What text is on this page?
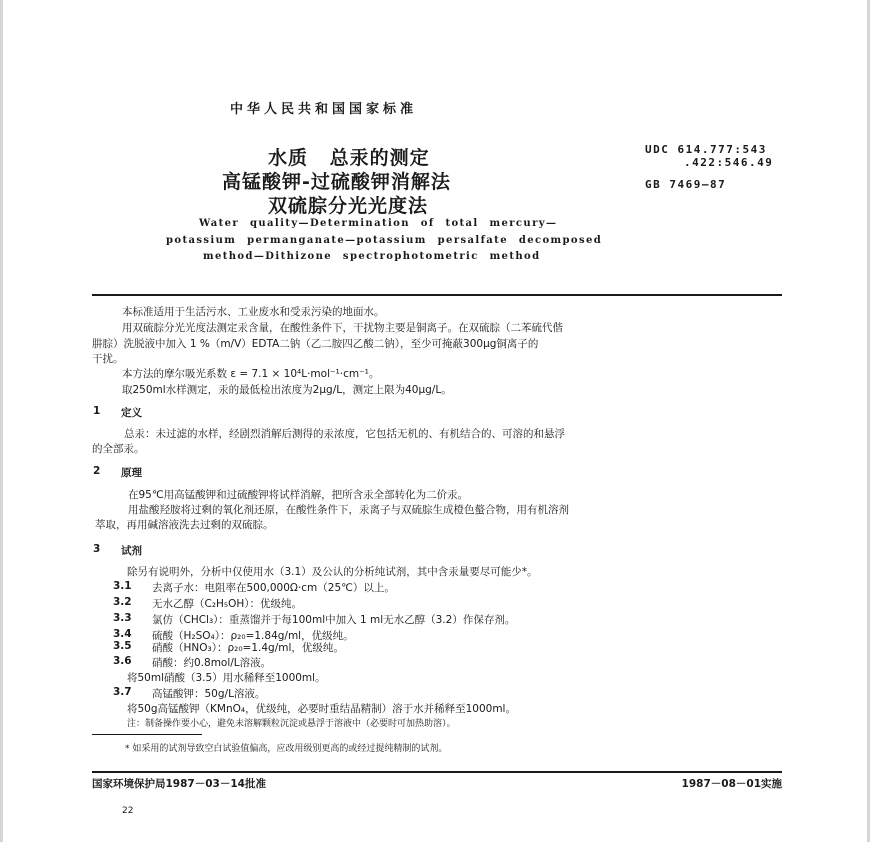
中华人民共和国国家标准
水质 总汞的测定
高锰酸钾-过硫酸钾消解法
双硫腙分光光度法
UDC 614.777:543
.422:546.49
GB 7469—87
Water quality—Determination of total mercury—
potassium permanganate—potassium persalfate decomposed
method—Dithizone spectrophotometric method
本标准适用于生活污水、工业废水和受汞污染的地面水。
用双硫腙分光光度法测定汞含量，在酸性条件下，干扰物主要是铜离子。在双硫腙（二苯硫代偕
肼腙）洗脱液中加入 1 %（m/V）EDTA二钠（乙二胺四乙酸二钠），至少可掩蔽300μg铜离子的
干扰。
本方法的摩尔吸光系数 ε = 7.1 × 10⁴L·mol⁻¹·cm⁻¹。
取250ml水样测定，汞的最低检出浓度为2μg/L，测定上限为40μg/L。
1 定义
总汞：未过滤的水样，经剧烈消解后测得的汞浓度，它包括无机的、有机结合的、可溶的和悬浮
的全部汞。
2 原理
在95℃用高锰酸钾和过硫酸钾将试样消解，把所含汞全部转化为二价汞。
用盐酸羟胺将过剩的氧化剂还原，在酸性条件下，汞离子与双硫腙生成橙色螯合物，用有机溶剂
萃取，再用碱溶液洗去过剩的双硫腙。
3 试剂
除另有说明外，分析中仅使用水（3.1）及公认的分析纯试剂，其中含汞量要尽可能少*。
3.1 去离子水：电阻率在500,000Ω·cm（25℃）以上。
3.2 无水乙醇（C₂H₅OH）：优级纯。
3.3 氯仿（CHCl₃）：重蒸馏并于每100ml中加入 1 ml无水乙醇（3.2）作保存剂。
3.4 硫酸（H₂SO₄）：ρ₂₀=1.84g/ml，优级纯。
3.5 硝酸（HNO₃）：ρ₂₀=1.4g/ml，优级纯。
3.6 硝酸：约0.8mol/L溶液。
将50ml硝酸（3.5）用水稀释至1000ml。
3.7 高锰酸钾：50g/L溶液。
将50g高锰酸钾（KMnO₄，优级纯，必要时重结晶精制）溶于水并稀释至1000ml。
注：制备操作要小心，避免未溶解颗粒沉淀或悬浮于溶液中（必要时可加热助溶）。
* 如采用的试剂导致空白试验值偏高，应改用级别更高的或经过提纯精制的试剂。
国家环境保护局1987－03－14批准	1987－08－01实施
22
